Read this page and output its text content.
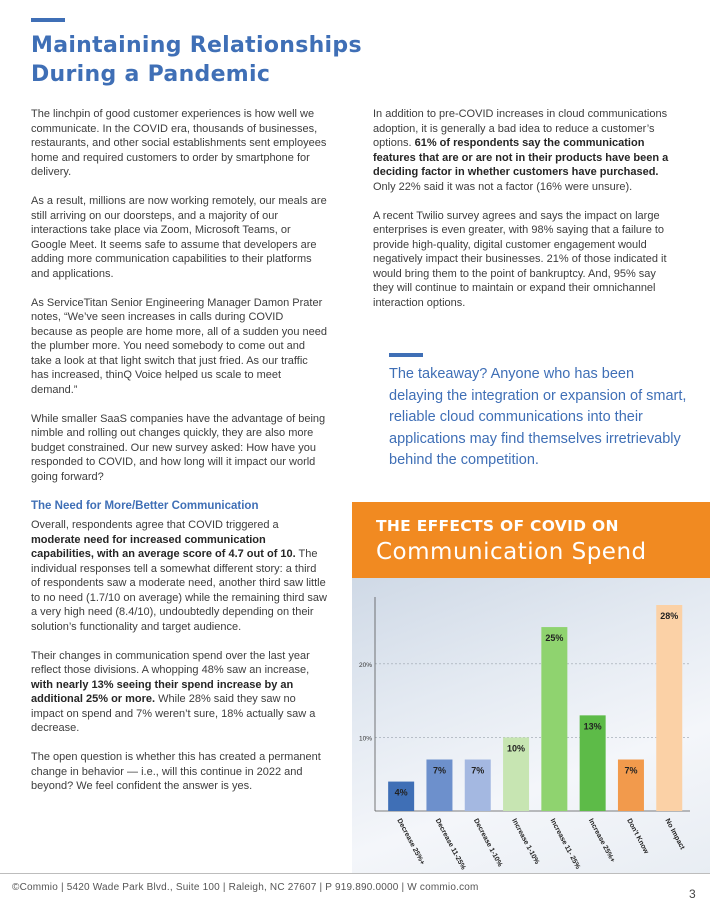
Maintaining Relationships
During a Pandemic

The linchpin of good customer experiences is how well we communicate. In the COVID era, thousands of businesses, restaurants, and other social establishments sent employees home and required customers to order by smartphone for delivery.

As a result, millions are now working remotely, our meals are still arriving on our doorsteps, and a majority of our interactions take place via Zoom, Microsoft Teams, or Google Meet. It seems safe to assume that developers are adding more communication capabilities to their platforms and applications.

As ServiceTitan Senior Engineering Manager Damon Prater notes, “We’ve seen increases in calls during COVID because as people are home more, all of a sudden you need the plumber more. You need somebody to come out and take a look at that light switch that just fried. As our traffic has increased, thinQ Voice helped us scale to meet demand.”

While smaller SaaS companies have the advantage of being nimble and rolling out changes quickly, they are also more budget constrained. Our new survey asked: How have you responded to COVID, and how long will it impact our world going forward?

The Need for More/Better Communication

Overall, respondents agree that COVID triggered a moderate need for increased communication capabilities, with an average score of 4.7 out of 10. The individual responses tell a somewhat different story: a third of respondents saw a moderate need, another third saw little to no need (1.7/10 on average) while the remaining third saw a very high need (8.4/10), undoubtedly depending on their solution’s functionality and target audience.

Their changes in communication spend over the last year reflect those divisions. A whopping 48% saw an increase, with nearly 13% seeing their spend increase by an additional 25% or more. While 28% said they saw no impact on spend and 7% weren’t sure, 18% actually saw a decrease.

The open question is whether this has created a permanent change in behavior — i.e., will this continue in 2022 and beyond? We feel confident the answer is yes.

In addition to pre-COVID increases in cloud communications adoption, it is generally a bad idea to reduce a customer’s options. 61% of respondents say the communication features that are or are not in their products have been a deciding factor in whether customers have purchased. Only 22% said it was not a factor (16% were unsure).

A recent Twilio survey agrees and says the impact on large enterprises is even greater, with 98% saying that a failure to provide high-quality, digital customer engagement would negatively impact their businesses. 21% of those indicated it would bring them to the point of bankruptcy. And, 95% say they will continue to maintain or expand their omnichannel interaction options.

The takeaway? Anyone who has been delaying the integration or expansion of smart, reliable cloud communications into their applications may find themselves irretrievably behind the competition.
THE EFFECTS OF COVID ON
Communication Spend
10%
20%
4%
Decrease 25%+
7%
Decrease 11-25%
7%
Decrease 1-10%
10%
Increase 1-10%
25%
Increase 11- 25%
13%
Increase 25%+
7%
Don't Know
28%
No Impact
©Commio | 5420 Wade Park Blvd., Suite 100 | Raleigh, NC 27607 | P 919.890.0000 | W commio.com	3
